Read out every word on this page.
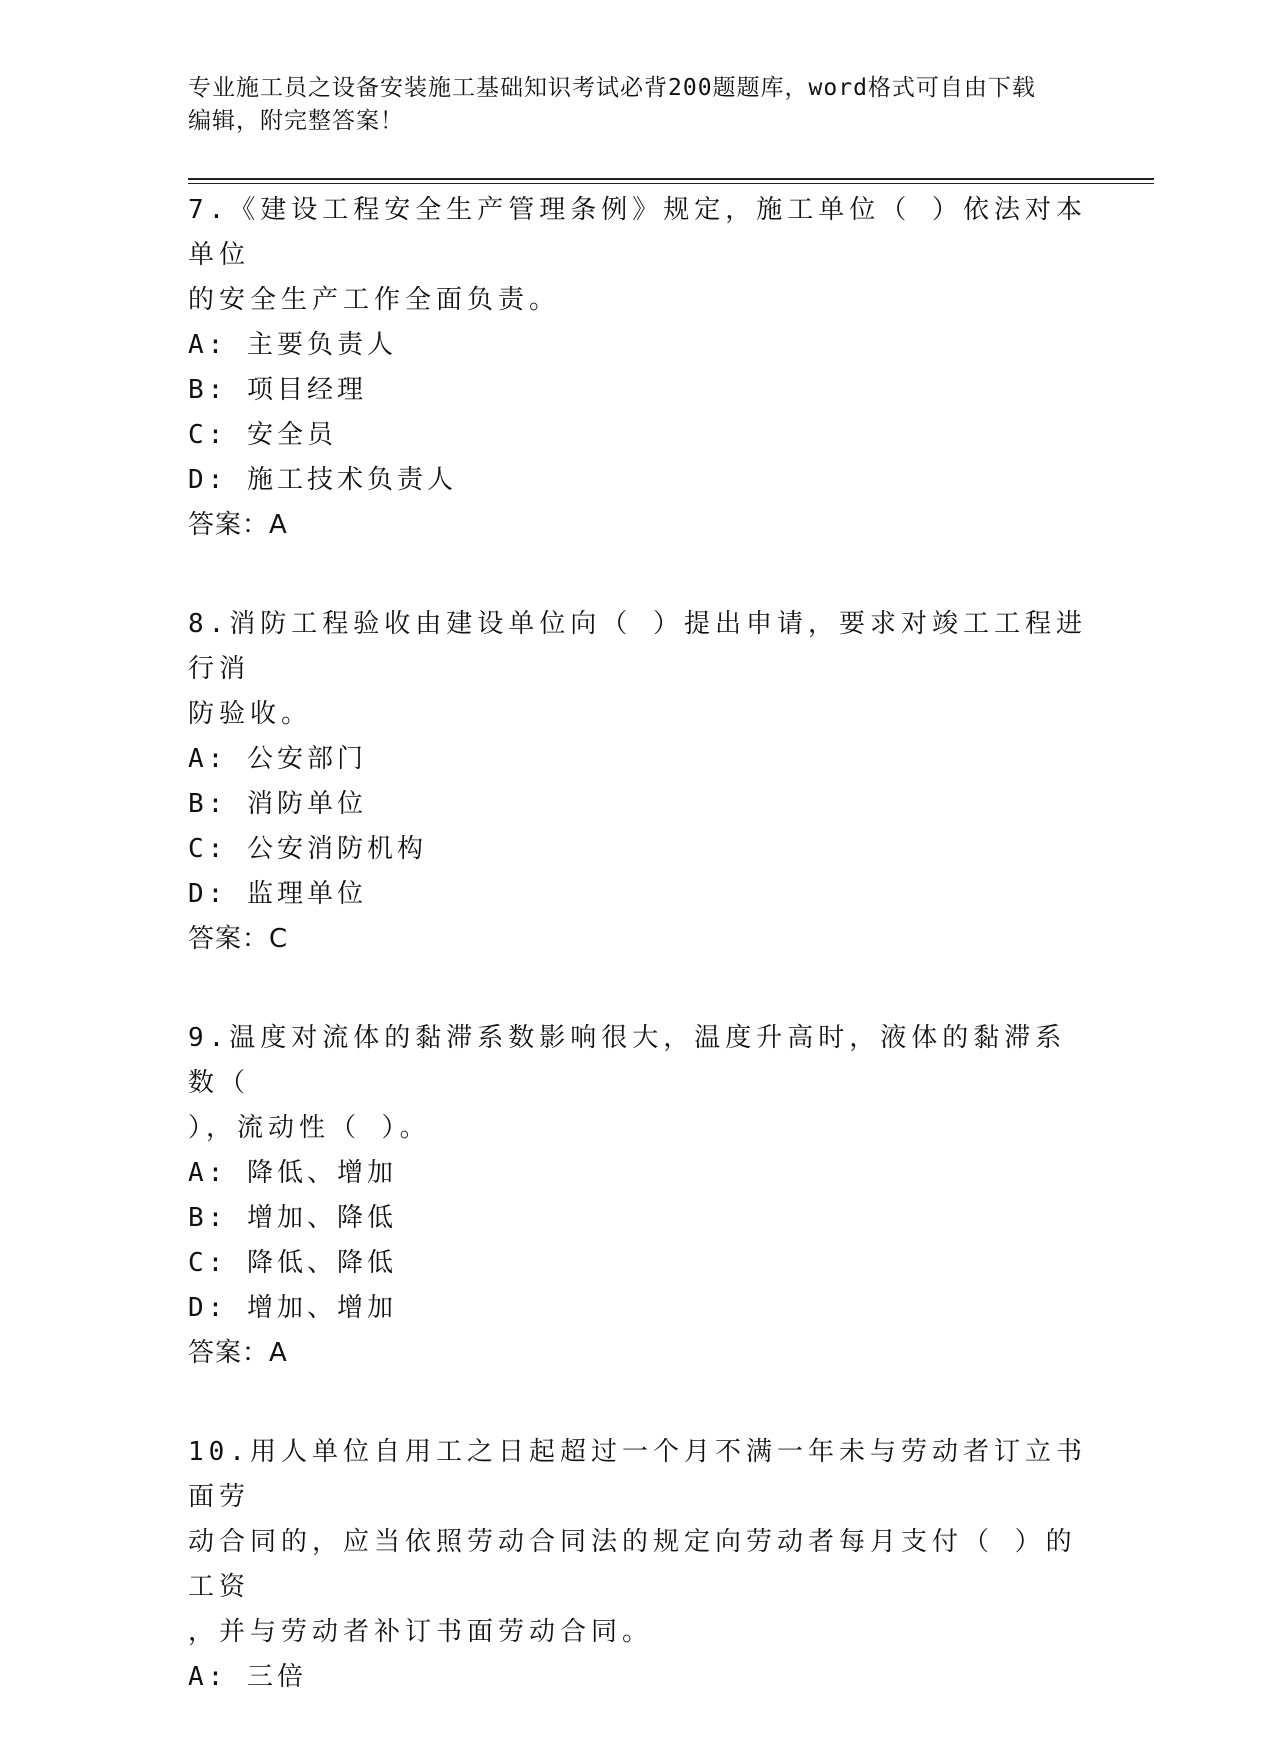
专业施工员之设备安装施工基础知识考试必背200题题库，word格式可自由下载
编辑，附完整答案！

7.《建设工程安全生产管理条例》规定，施工单位（ ）依法对本单位
的安全生产工作全面负责。

A: 主要负责人

B: 项目经理

C: 安全员

D: 施工技术负责人

答案：A

8.消防工程验收由建设单位向（ ）提出申请，要求对竣工工程进行消
防验收。

A: 公安部门

B: 消防单位

C: 公安消防机构

D: 监理单位

答案：C

9.温度对流体的黏滞系数影响很大，温度升高时，液体的黏滞系数（
），流动性（ ）。

A: 降低、增加

B: 增加、降低

C: 降低、降低

D: 增加、增加

答案：A

10.用人单位自用工之日起超过一个月不满一年未与劳动者订立书面劳
动合同的，应当依照劳动合同法的规定向劳动者每月支付（ ）的工资
，并与劳动者补订书面劳动合同。

A: 三倍
